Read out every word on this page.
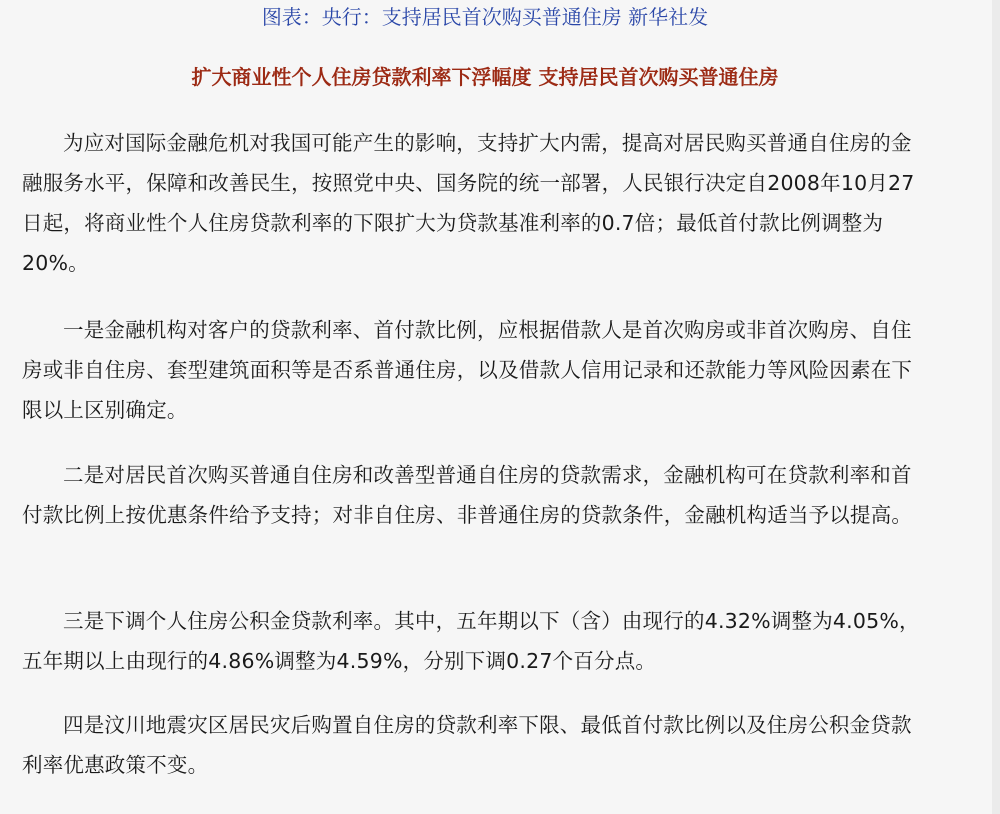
图表：央行：支持居民首次购买普通住房 新华社发
扩大商业性个人住房贷款利率下浮幅度 支持居民首次购买普通住房

为应对国际金融危机对我国可能产生的影响，支持扩大内需，提高对居民购买普通自住房的金融服务水平，保障和改善民生，按照党中央、国务院的统一部署，人民银行决定自2008年10月27日起，将商业性个人住房贷款利率的下限扩大为贷款基准利率的0.7倍；最低首付款比例调整为20%。

一是金融机构对客户的贷款利率、首付款比例，应根据借款人是首次购房或非首次购房、自住房或非自住房、套型建筑面积等是否系普通住房，以及借款人信用记录和还款能力等风险因素在下限以上区别确定。

二是对居民首次购买普通自住房和改善型普通自住房的贷款需求，金融机构可在贷款利率和首付款比例上按优惠条件给予支持；对非自住房、非普通住房的贷款条件，金融机构适当予以提高。

三是下调个人住房公积金贷款利率。其中，五年期以下（含）由现行的4.32%调整为4.05%，五年期以上由现行的4.86%调整为4.59%，分别下调0.27个百分点。

四是汶川地震灾区居民灾后购置自住房的贷款利率下限、最低首付款比例以及住房公积金贷款利率优惠政策不变。
